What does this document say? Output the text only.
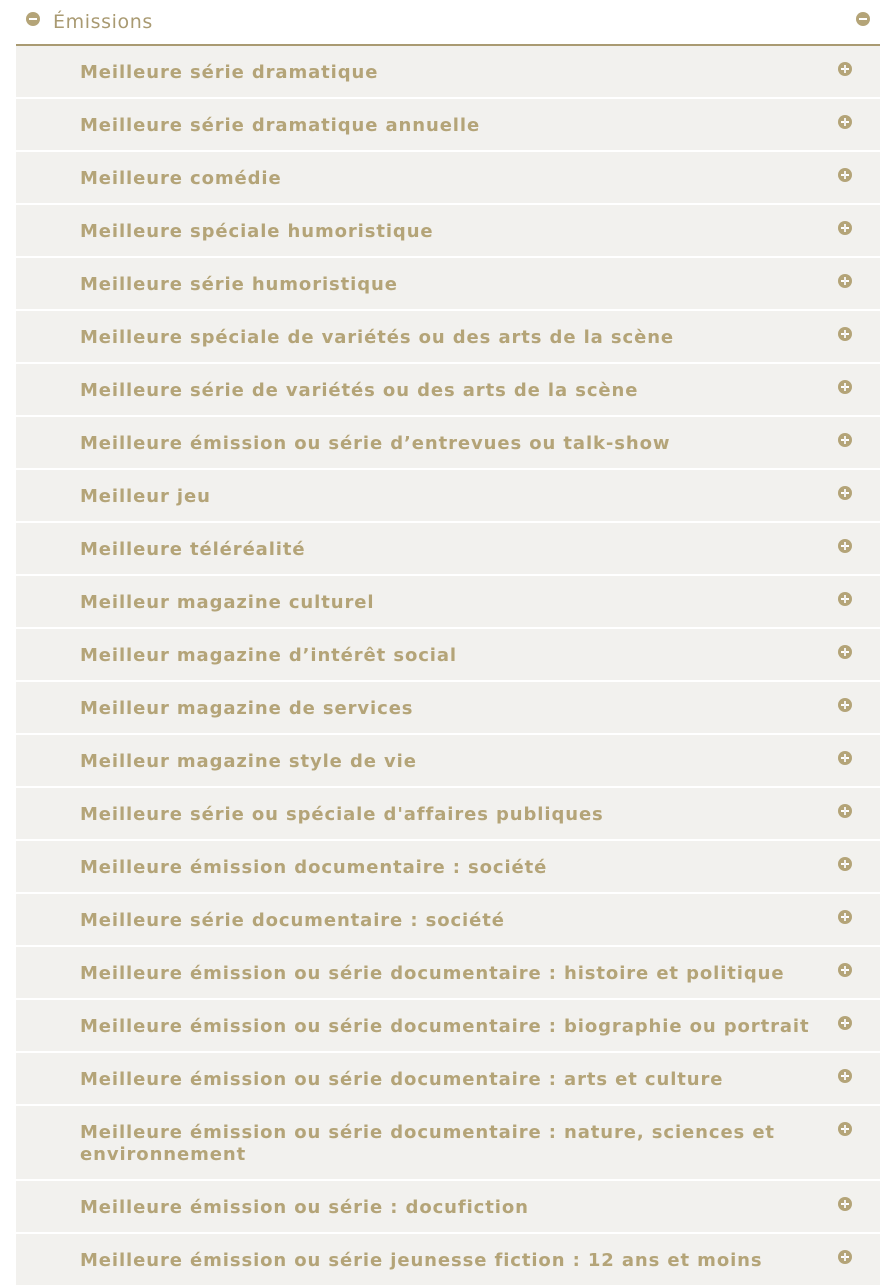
Émissions
Meilleure série dramatique
Meilleure série dramatique annuelle
Meilleure comédie
Meilleure spéciale humoristique
Meilleure série humoristique
Meilleure spéciale de variétés ou des arts de la scène
Meilleure série de variétés ou des arts de la scène
Meilleure émission ou série d’entrevues ou talk-show
Meilleur jeu
Meilleure téléréalité
Meilleur magazine culturel
Meilleur magazine d’intérêt social
Meilleur magazine de services
Meilleur magazine style de vie
Meilleure série ou spéciale d'affaires publiques
Meilleure émission documentaire : société
Meilleure série documentaire : société
Meilleure émission ou série documentaire : histoire et politique
Meilleure émission ou série documentaire : biographie ou portrait
Meilleure émission ou série documentaire : arts et culture
Meilleure émission ou série documentaire : nature, sciences et environnement
Meilleure émission ou série : docufiction
Meilleure émission ou série jeunesse fiction : 12 ans et moins
